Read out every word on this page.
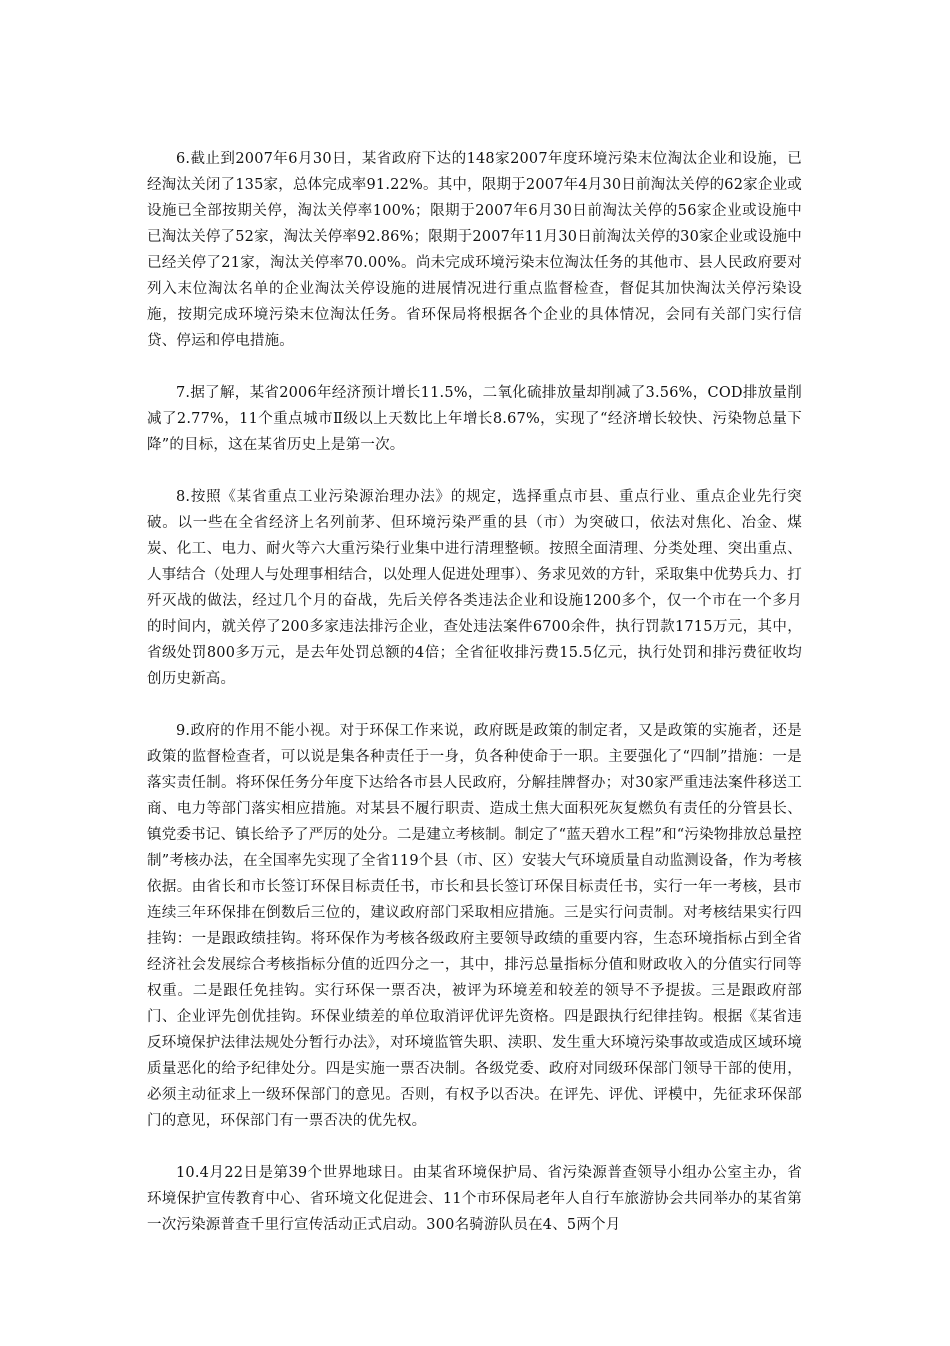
6.截止到2007年6月30日，某省政府下达的148家2007年度环境污染末位淘汰企业和设施，已经淘汰关闭了135家，总体完成率91.22%。其中，限期于2007年4月30日前淘汰关停的62家企业或设施已全部按期关停，淘汰关停率100%；限期于2007年6月30日前淘汰关停的56家企业或设施中已淘汰关停了52家，淘汰关停率92.86%；限期于2007年11月30日前淘汰关停的30家企业或设施中已经关停了21家，淘汰关停率70.00%。尚未完成环境污染末位淘汰任务的其他市、县人民政府要对列入末位淘汰名单的企业淘汰关停设施的进展情况进行重点监督检查，督促其加快淘汰关停污染设施，按期完成环境污染末位淘汰任务。省环保局将根据各个企业的具体情况，会同有关部门实行信贷、停运和停电措施。

7.据了解，某省2006年经济预计增长11.5%，二氧化硫排放量却削减了3.56%，COD排放量削减了2.77%，11个重点城市Ⅱ级以上天数比上年增长8.67%，实现了“经济增长较快、污染物总量下降”的目标，这在某省历史上是第一次。

8.按照《某省重点工业污染源治理办法》的规定，选择重点市县、重点行业、重点企业先行突破。以一些在全省经济上名列前茅、但环境污染严重的县（市）为突破口，依法对焦化、冶金、煤炭、化工、电力、耐火等六大重污染行业集中进行清理整顿。按照全面清理、分类处理、突出重点、人事结合（处理人与处理事相结合，以处理人促进处理事）、务求见效的方针，采取集中优势兵力、打歼灭战的做法，经过几个月的奋战，先后关停各类违法企业和设施1200多个，仅一个市在一个多月的时间内，就关停了200多家违法排污企业，查处违法案件6700余件，执行罚款1715万元，其中，省级处罚800多万元，是去年处罚总额的4倍；全省征收排污费15.5亿元，执行处罚和排污费征收均创历史新高。

9.政府的作用不能小视。对于环保工作来说，政府既是政策的制定者，又是政策的实施者，还是政策的监督检查者，可以说是集各种责任于一身，负各种使命于一职。主要强化了“四制”措施：一是落实责任制。将环保任务分年度下达给各市县人民政府，分解挂牌督办；对30家严重违法案件移送工商、电力等部门落实相应措施。对某县不履行职责、造成土焦大面积死灰复燃负有责任的分管县长、镇党委书记、镇长给予了严厉的处分。二是建立考核制。制定了“蓝天碧水工程”和“污染物排放总量控制”考核办法，在全国率先实现了全省119个县（市、区）安装大气环境质量自动监测设备，作为考核依据。由省长和市长签订环保目标责任书，市长和县长签订环保目标责任书，实行一年一考核，县市连续三年环保排在倒数后三位的，建议政府部门采取相应措施。三是实行问责制。对考核结果实行四挂钩：一是跟政绩挂钩。将环保作为考核各级政府主要领导政绩的重要内容，生态环境指标占到全省经济社会发展综合考核指标分值的近四分之一，其中，排污总量指标分值和财政收入的分值实行同等权重。二是跟任免挂钩。实行环保一票否决，被评为环境差和较差的领导不予提拔。三是跟政府部门、企业评先创优挂钩。环保业绩差的单位取消评优评先资格。四是跟执行纪律挂钩。根据《某省违反环境保护法律法规处分暂行办法》，对环境监管失职、渎职、发生重大环境污染事故或造成区域环境质量恶化的给予纪律处分。四是实施一票否决制。各级党委、政府对同级环保部门领导干部的使用，必须主动征求上一级环保部门的意见。否则，有权予以否决。在评先、评优、评模中，先征求环保部门的意见，环保部门有一票否决的优先权。

10.4月22日是第39个世界地球日。由某省环境保护局、省污染源普查领导小组办公室主办，省环境保护宣传教育中心、省环境文化促进会、11个市环保局老年人自行车旅游协会共同举办的某省第一次污染源普查千里行宣传活动正式启动。300名骑游队员在4、5两个月
